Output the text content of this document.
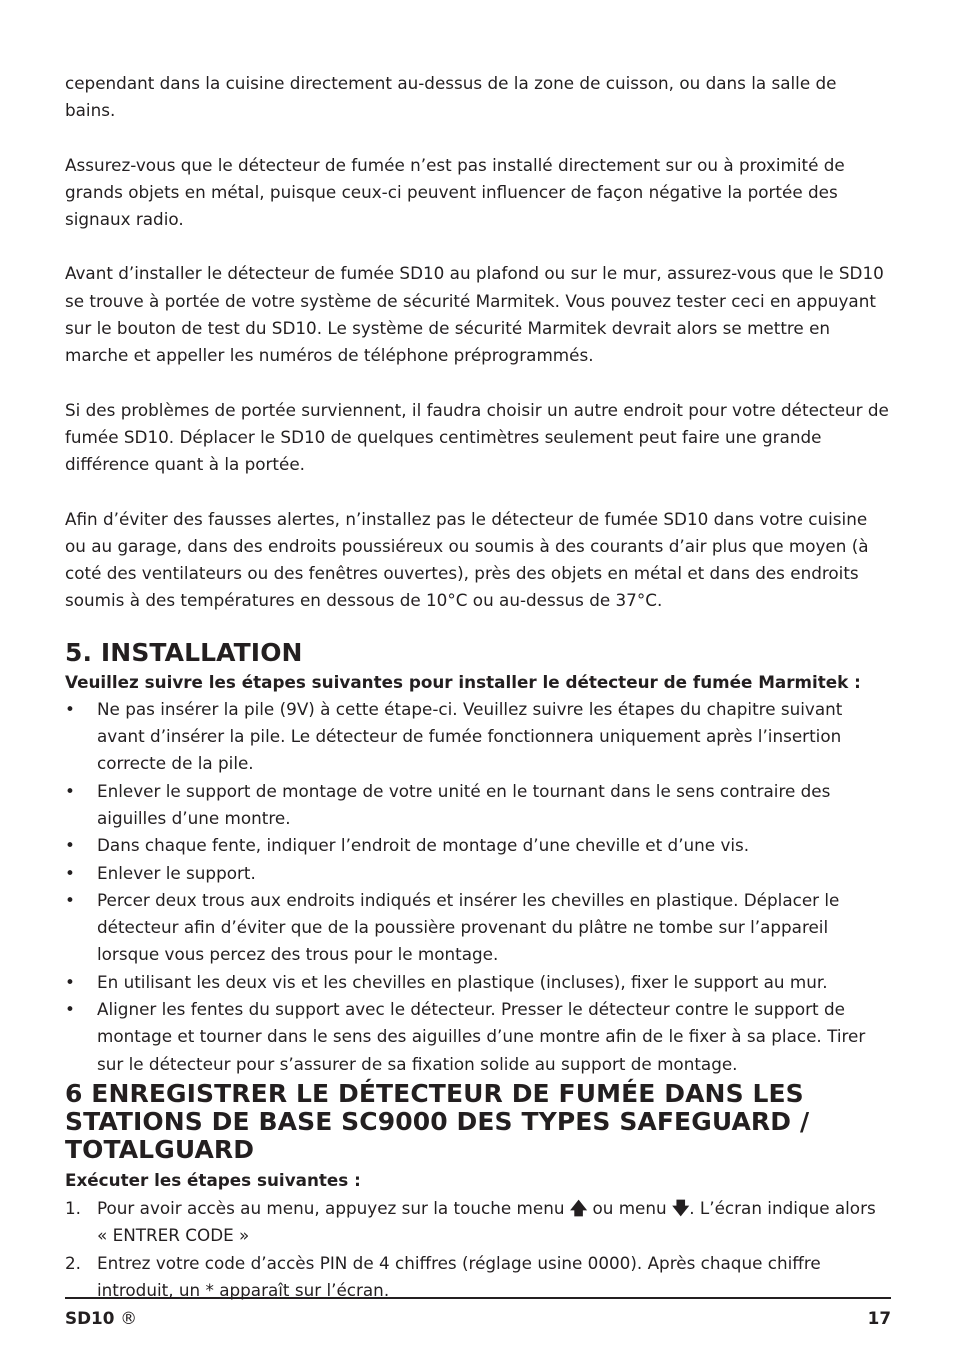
cependant dans la cuisine directement au-dessus de la zone de cuisson, ou dans la salle de bains.

Assurez-vous que le détecteur de fumée n’est pas installé directement sur ou à proximité de grands objets en métal, puisque ceux-ci peuvent influencer de façon négative la portée des signaux radio.

Avant d’installer le détecteur de fumée SD10 au plafond ou sur le mur, assurez-vous que le SD10 se trouve à portée de votre système de sécurité Marmitek. Vous pouvez tester ceci en appuyant sur le bouton de test du SD10. Le système de sécurité Marmitek devrait alors se mettre en marche et appeller les numéros de téléphone préprogrammés.

Si des problèmes de portée surviennent, il faudra choisir un autre endroit pour votre détecteur de fumée SD10. Déplacer le SD10 de quelques centimètres seulement peut faire une grande différence quant à la portée.

Afin d’éviter des fausses alertes, n’installez pas le détecteur de fumée SD10 dans votre cuisine ou au garage, dans des endroits poussiéreux ou soumis à des courants d’air plus que moyen (à coté des ventilateurs ou des fenêtres ouvertes), près des objets en métal et dans des endroits soumis à des températures en dessous de 10°C ou au-dessus de 37°C.

5. INSTALLATION

Veuillez suivre les étapes suivantes pour installer le détecteur de fumée Marmitek :

• Ne pas insérer la pile (9V) à cette étape-ci. Veuillez suivre les étapes du chapitre suivant avant d’insérer la pile. Le détecteur de fumée fonctionnera uniquement après l’insertion correcte de la pile.
• Enlever le support de montage de votre unité en le tournant dans le sens contraire des aiguilles d’une montre.
• Dans chaque fente, indiquer l’endroit de montage d’une cheville et d’une vis.
• Enlever le support.
• Percer deux trous aux endroits indiqués et insérer les chevilles en plastique. Déplacer le détecteur afin d’éviter que de la poussière provenant du plâtre ne tombe sur l’appareil lorsque vous percez des trous pour le montage.
• En utilisant les deux vis et les chevilles en plastique (incluses), fixer le support au mur.
• Aligner les fentes du support avec le détecteur. Presser le détecteur contre le support de montage et tourner dans le sens des aiguilles d’une montre afin de le fixer à sa place. Tirer sur le détecteur pour s’assurer de sa fixation solide au support de montage.
6 ENREGISTRER LE DÉTECTEUR DE FUMÉE DANS LES STATIONS DE BASE SC9000 DES TYPES SAFEGUARD / TOTALGUARD

Exécuter les étapes suivantes :

1. Pour avoir accès au menu, appuyez sur la touche menu 🡅 ou menu 🡇. L’écran indique alors « ENTRER CODE »
2. Entrez votre code d’accès PIN de 4 chiffres (réglage usine 0000). Après chaque chiffre introduit, un * apparaît sur l’écran.
SD10 ®	17
